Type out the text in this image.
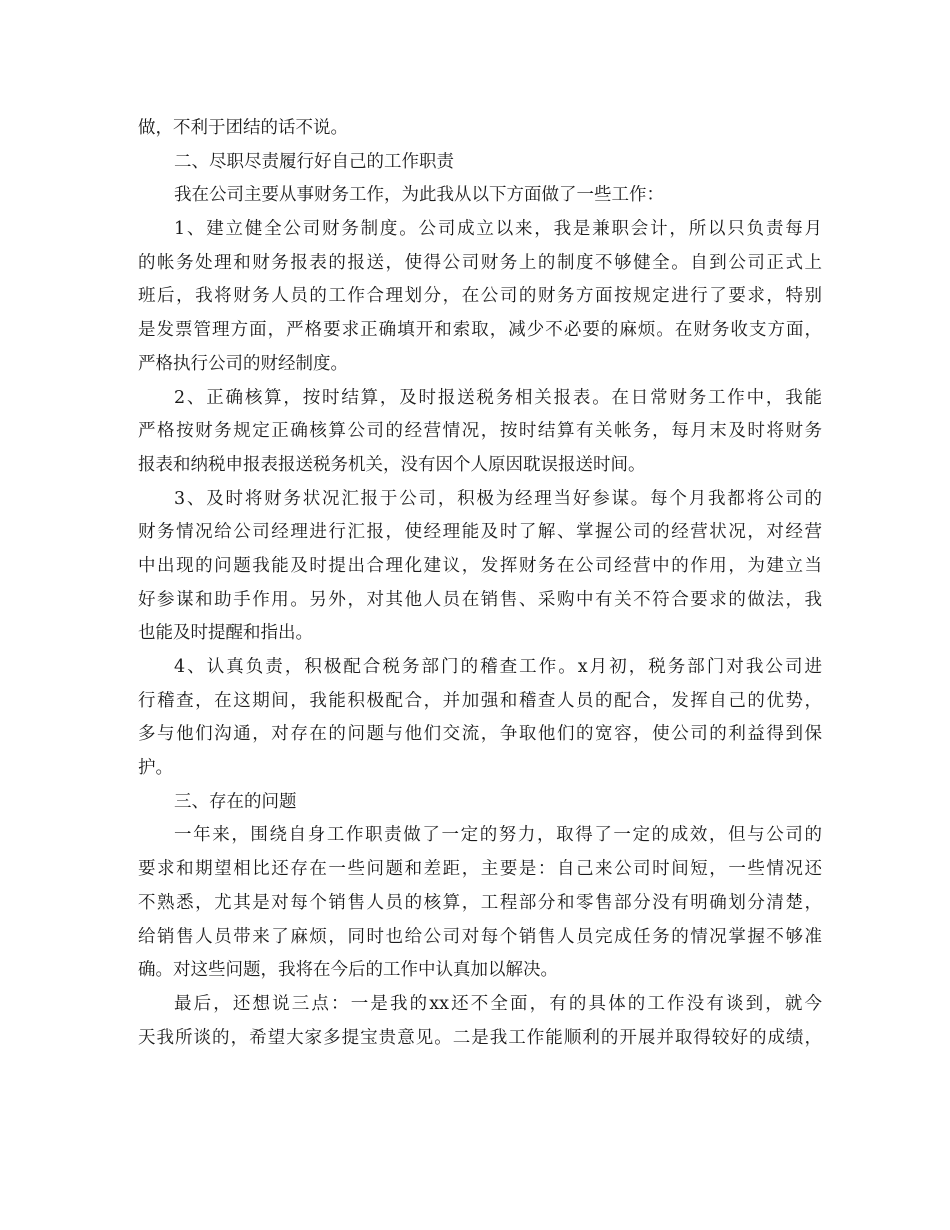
做，不利于团结的话不说。
二、尽职尽责履行好自己的工作职责
我在公司主要从事财务工作，为此我从以下方面做了一些工作：
1、建立健全公司财务制度。公司成立以来，我是兼职会计，所以只负责每月
的帐务处理和财务报表的报送，使得公司财务上的制度不够健全。自到公司正式上
班后，我将财务人员的工作合理划分，在公司的财务方面按规定进行了要求，特别
是发票管理方面，严格要求正确填开和索取，减少不必要的麻烦。在财务收支方面，
严格执行公司的财经制度。
2、正确核算，按时结算，及时报送税务相关报表。在日常财务工作中，我能
严格按财务规定正确核算公司的经营情况，按时结算有关帐务，每月末及时将财务
报表和纳税申报表报送税务机关，没有因个人原因耽误报送时间。
3、及时将财务状况汇报于公司，积极为经理当好参谋。每个月我都将公司的
财务情况给公司经理进行汇报，使经理能及时了解、掌握公司的经营状况，对经营
中出现的问题我能及时提出合理化建议，发挥财务在公司经营中的作用，为建立当
好参谋和助手作用。另外，对其他人员在销售、采购中有关不符合要求的做法，我
也能及时提醒和指出。
4、认真负责，积极配合税务部门的稽查工作。x月初，税务部门对我公司进
行稽查，在这期间，我能积极配合，并加强和稽查人员的配合，发挥自己的优势，
多与他们沟通，对存在的问题与他们交流，争取他们的宽容，使公司的利益得到保
护。
三、存在的问题
一年来，围绕自身工作职责做了一定的努力，取得了一定的成效，但与公司的
要求和期望相比还存在一些问题和差距，主要是：自己来公司时间短，一些情况还
不熟悉，尤其是对每个销售人员的核算，工程部分和零售部分没有明确划分清楚，
给销售人员带来了麻烦，同时也给公司对每个销售人员完成任务的情况掌握不够准
确。对这些问题，我将在今后的工作中认真加以解决。
最后，还想说三点：一是我的xx还不全面，有的具体的工作没有谈到，就今
天我所谈的，希望大家多提宝贵意见。二是我工作能顺利的开展并取得较好的成绩，
